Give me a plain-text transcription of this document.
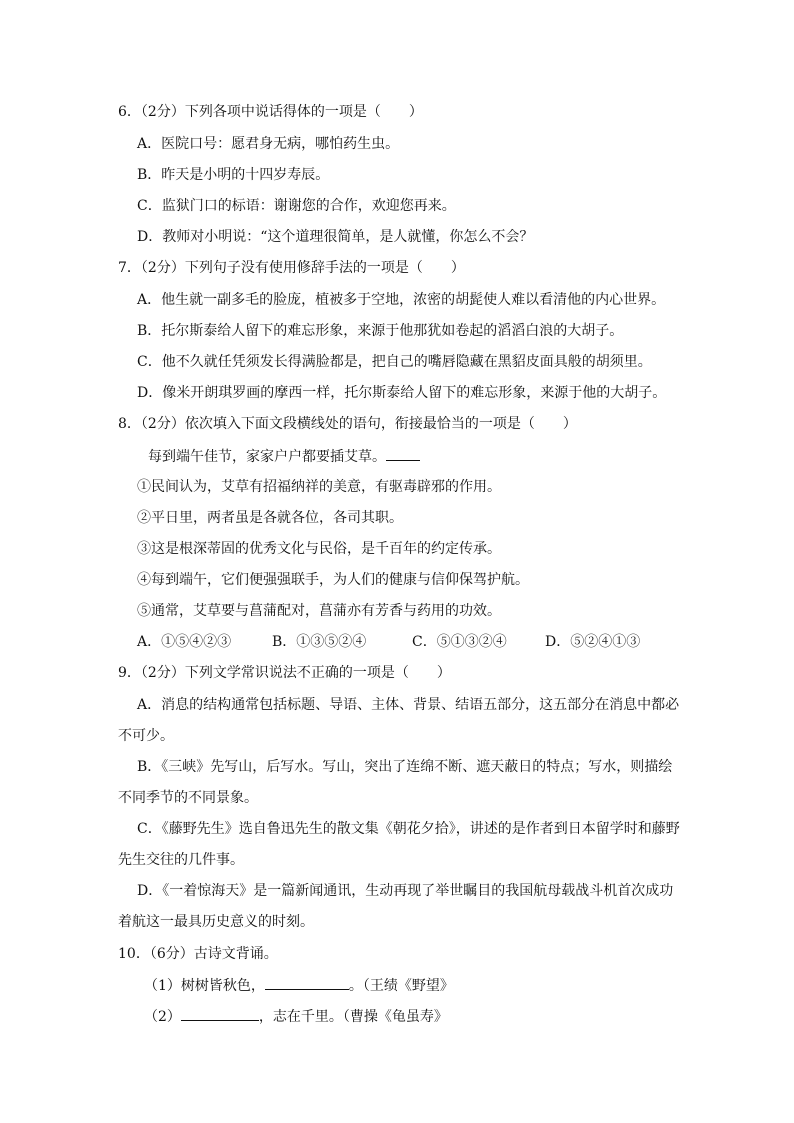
6．（2分）下列各项中说话得体的一项是（　　）
A．医院口号：愿君身无病，哪怕药生虫。
B．昨天是小明的十四岁寿辰。
C．监狱门口的标语：谢谢您的合作，欢迎您再来。
D．教师对小明说：“这个道理很简单，是人就懂，你怎么不会？
7．（2分）下列句子没有使用修辞手法的一项是（　　）
A．他生就一副多毛的脸庞，植被多于空地，浓密的胡髭使人难以看清他的内心世界。
B．托尔斯泰给人留下的难忘形象，来源于他那犹如卷起的滔滔白浪的大胡子。
C．他不久就任凭须发长得满脸都是，把自己的嘴唇隐藏在黑貂皮面具般的胡须里。
D．像米开朗琪罗画的摩西一样，托尔斯泰给人留下的难忘形象，来源于他的大胡子。
8．（2分）依次填入下面文段横线处的语句，衔接最恰当的一项是（　　）
每到端午佳节，家家户户都要插艾草。
①民间认为，艾草有招福纳祥的美意，有驱毒辟邪的作用。
②平日里，两者虽是各就各位，各司其职。
③这是根深蒂固的优秀文化与民俗，是千百年的约定传承。
④每到端午，它们便强强联手，为人们的健康与信仰保驾护航。
⑤通常，艾草要与菖蒲配对，菖蒲亦有芳香与药用的功效。
A．①⑤④②③	B．①③⑤②④	C．⑤①③②④	D．⑤②④①③
9．（2分）下列文学常识说法不正确的一项是（　　）
A．消息的结构通常包括标题、导语、主体、背景、结语五部分，这五部分在消息中都必
不可少。
B．《三峡》先写山，后写水。写山，突出了连绵不断、遮天蔽日的特点；写水，则描绘
不同季节的不同景象。
C．《藤野先生》选自鲁迅先生的散文集《朝花夕拾》，讲述的是作者到日本留学时和藤野
先生交往的几件事。
D．《一着惊海天》是一篇新闻通讯，生动再现了举世瞩目的我国航母载战斗机首次成功
着航这一最具历史意义的时刻。
10．（6分）古诗文背诵。
（1）树树皆秋色，	。（王绩《野望》
（2）	，志在千里。（曹操《龟虽寿》
